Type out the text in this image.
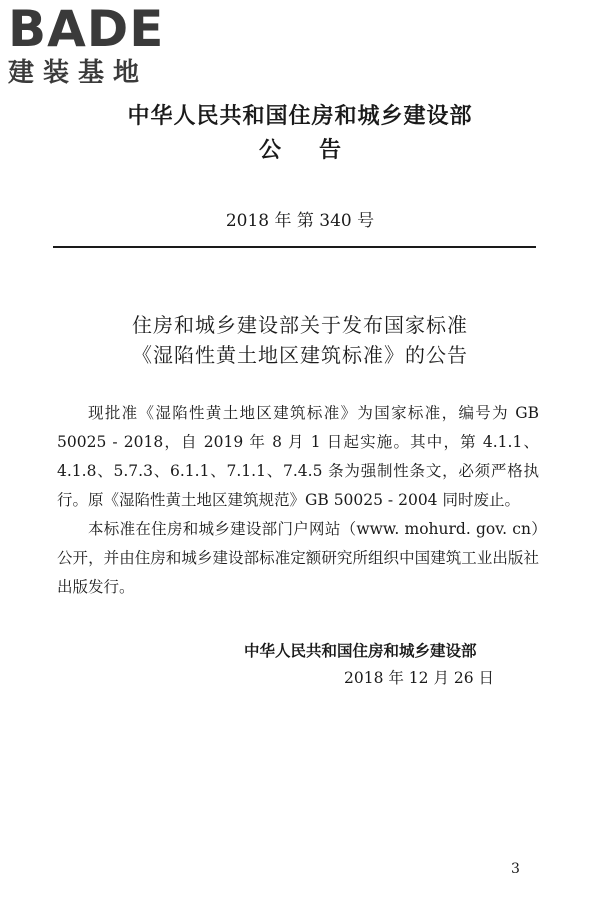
BADE
建装基地
中华人民共和国住房和城乡建设部
公告
2018 年 第 340 号
住房和城乡建设部关于发布国家标准
《湿陷性黄土地区建筑标准》的公告

现批准《湿陷性黄土地区建筑标准》为国家标准，编号为 GB 50025 - 2018，自 2019 年 8 月 1 日起实施。其中，第 4.1.1、4.1.8、5.7.3、6.1.1、7.1.1、7.4.5 条为强制性条文，必须严格执行。原《湿陷性黄土地区建筑规范》GB 50025 - 2004 同时废止。

本标准在住房和城乡建设部门户网站（www. mohurd. gov. cn）公开，并由住房和城乡建设部标准定额研究所组织中国建筑工业出版社出版发行。

中华人民共和国住房和城乡建设部
2018 年 12 月 26 日
3
